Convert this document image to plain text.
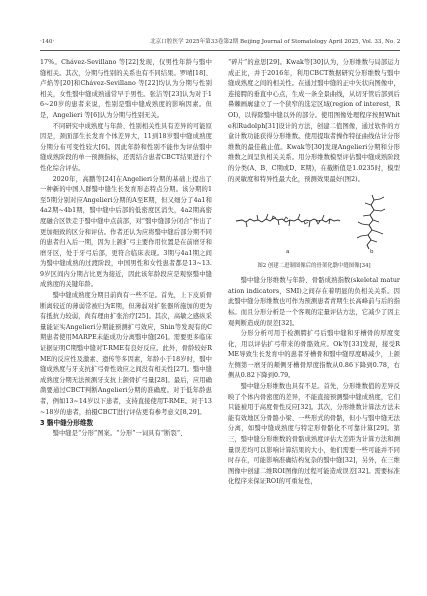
·140·	北京口腔医学 2025年第33卷第2期 Beijing Journal of Stomatology April 2025, Vol. 33, No. 2

17%。Chávez-Sevillano 等[22]发现，仅男性年龄与翳中缝相关。其次，分期与性别的关系也有不同结果。罗晴[18]、卢焰等[20]和Chávez-Sevillano 等[22]均认为分期与性别相关，女性翳中缝成熟通常早于男性。张洁等[23]认为对于16~20岁的患者来说，性别是翳中缝成熟度的影响因素。但是，Angelieri 等[6]认为分期与性别无关。

不同研究中成熟度与年龄、性别相关性具有差异的可能原因是，颈面部生长发育个体差异大，11到18岁翳中缝成熟度分期分布可变性较大[6]。因此年龄和性别不能作为评估翳中缝成熟阶段的单一预测指标，还需结合患者CBCT结果进行个性化综合评估。

2020年，高鹏等[24]在Angelieri分期的基础上提出了一种新的中国人群翳中缝生长发育形态特点分期。该分期的1至5期分别对应Angelieri分期的A至E期，但又细分了4a1和4a2期~4b1期，翳中缝中后部的低密度区消失，4a2期高密度融合区铁走于翳中缝中点前部，对“翳中缝部分闭合”作出了更加细致的区分和评估。作者还认为应将翳中缝后部分期不同的患者归入后一期，因为上颌扩弓主要作用位置是在前磨牙和磨牙区，处于牙弓后部，更符合临床表现。3期与4a1期之间为翳中缝成熟的过渡阶段，中国男性和女性患者都是13~13.9岁区间内分期占比更为接近，因此该年龄段应是观察翳中缝成熟度的关键年龄。

翳中缝成熟度分期目前尚有一些不足。首先，上下皮质骨断离较近的薄弱常被归为E期，但薄弱对扩张器所施加的更为有抵抗力较弱，尚有理由扩张治疗[25]。其次，高敏之感纵采量能证实Angelieri分期能预测扩弓效应，Shin等发现有的C期患者使用MARPE未能成功分离翳中缝[26]。需要更多临床证据证明C期翳中缝对T-RME有良好反应。此外，骨龄较好RME的反应性及激素、遗传等多因素，年龄小于18岁时，翳中缝成熟度与牙支抗扩弓骨性效应之间没有相关性[27]。翳中缝成熟度分期无法预测牙支抗上颌骨扩弓量[28]。最后，应用确凿要通过CBCT判断Angelieri分期的准确度。对于低年龄患者，例如13~14岁以下患者，支持直接使用T-RME。对于13~18岁的患者，拍摄CBCT进行评估更有参考意义[8,29]。

3 翳中缝分形维数

翳中缝是“分形”图案。“分形”一词具有“断裂”、

“碎片”的意思[29]。Kwak等[30]认为，分形维数与局部运力成正比，并于2016年，利用CBCT数据研究分形维数与翳中缝成熟度之间的相关性。在通过翳中缝的正中矢状向图像中，连接腭的垂直中心点，生成一条全景曲线，从切牙管后部到后鼻棘画廓建立了一个狭窄的选定区域(region of interest，ROI)，以得除翳中缝以外的部分。使用图像处理程序按照White和Rudolph[31]设计的方法，创建二值图像，通过软件的方盒计数功能获得分形维数。使用提取者操作特征曲线估计分形维数的最佳截止值。Kwak等[30]发现Angelieri分期和分形维数之间呈负相关关系。用分形维数模型评估翳中缝成熟阶段的分类(A、B、C期或D、E期)，在截断值是1.0235时，模型的灵敏度和特异性最大化，预测效果最好(图2)。

a	b
图2 创建二进制图像后的骨架化翳中缝图像[34]

翳中缝分形维数与年龄、骨骼成熟指数(skeletal maturation indicators，SMI)之间存在着明显的负相关关系。因此翳中缝分形维数也可作为预测患者青期生长高峰前与后的指标。而且分形分析是一个客观的定量评估方法，它减少了因主观判断造成的误差[32]。

分形分析可用于检测腭扩弓后翳中缝和牙槽骨的厚度变化，用以评估扩弓带来的骨骼效应。Ok等[33]发现，接受RME导致生长发育中的患者牙槽骨和翳中缝厚度略减少，上颌左侧第一磨牙的颊侧牙槽骨厚度指数从0.86下降到0.78，右侧从0.82下降到0.79。

翳中缝分形维数也具有不足。首先，分形维数值的差异反映了个体内骨密度的差异，不能直接预测翳中缝成熟度，它们只能被用于高度骨性反应[32]。其次，分形维数计算法方法未能有效地区分骨骼小梁、一些形式的骨骼，但小与翳中缝无法分离，如翳中缝成熟度与特定形骨骼化不可靠计算[29]。第三，翳中缝分形维数的骨骼成熟度评估大差距为计算方法和测量误差均可以影响计算结果的大小，他们需要一些可能并不同时存在，可能影响准确结构复杂的翳中缝[32]，另外，在三维图像中创建二维ROI图像的过程可能造成误差[32]。需要标准化程序来保证ROI的可重复性，
